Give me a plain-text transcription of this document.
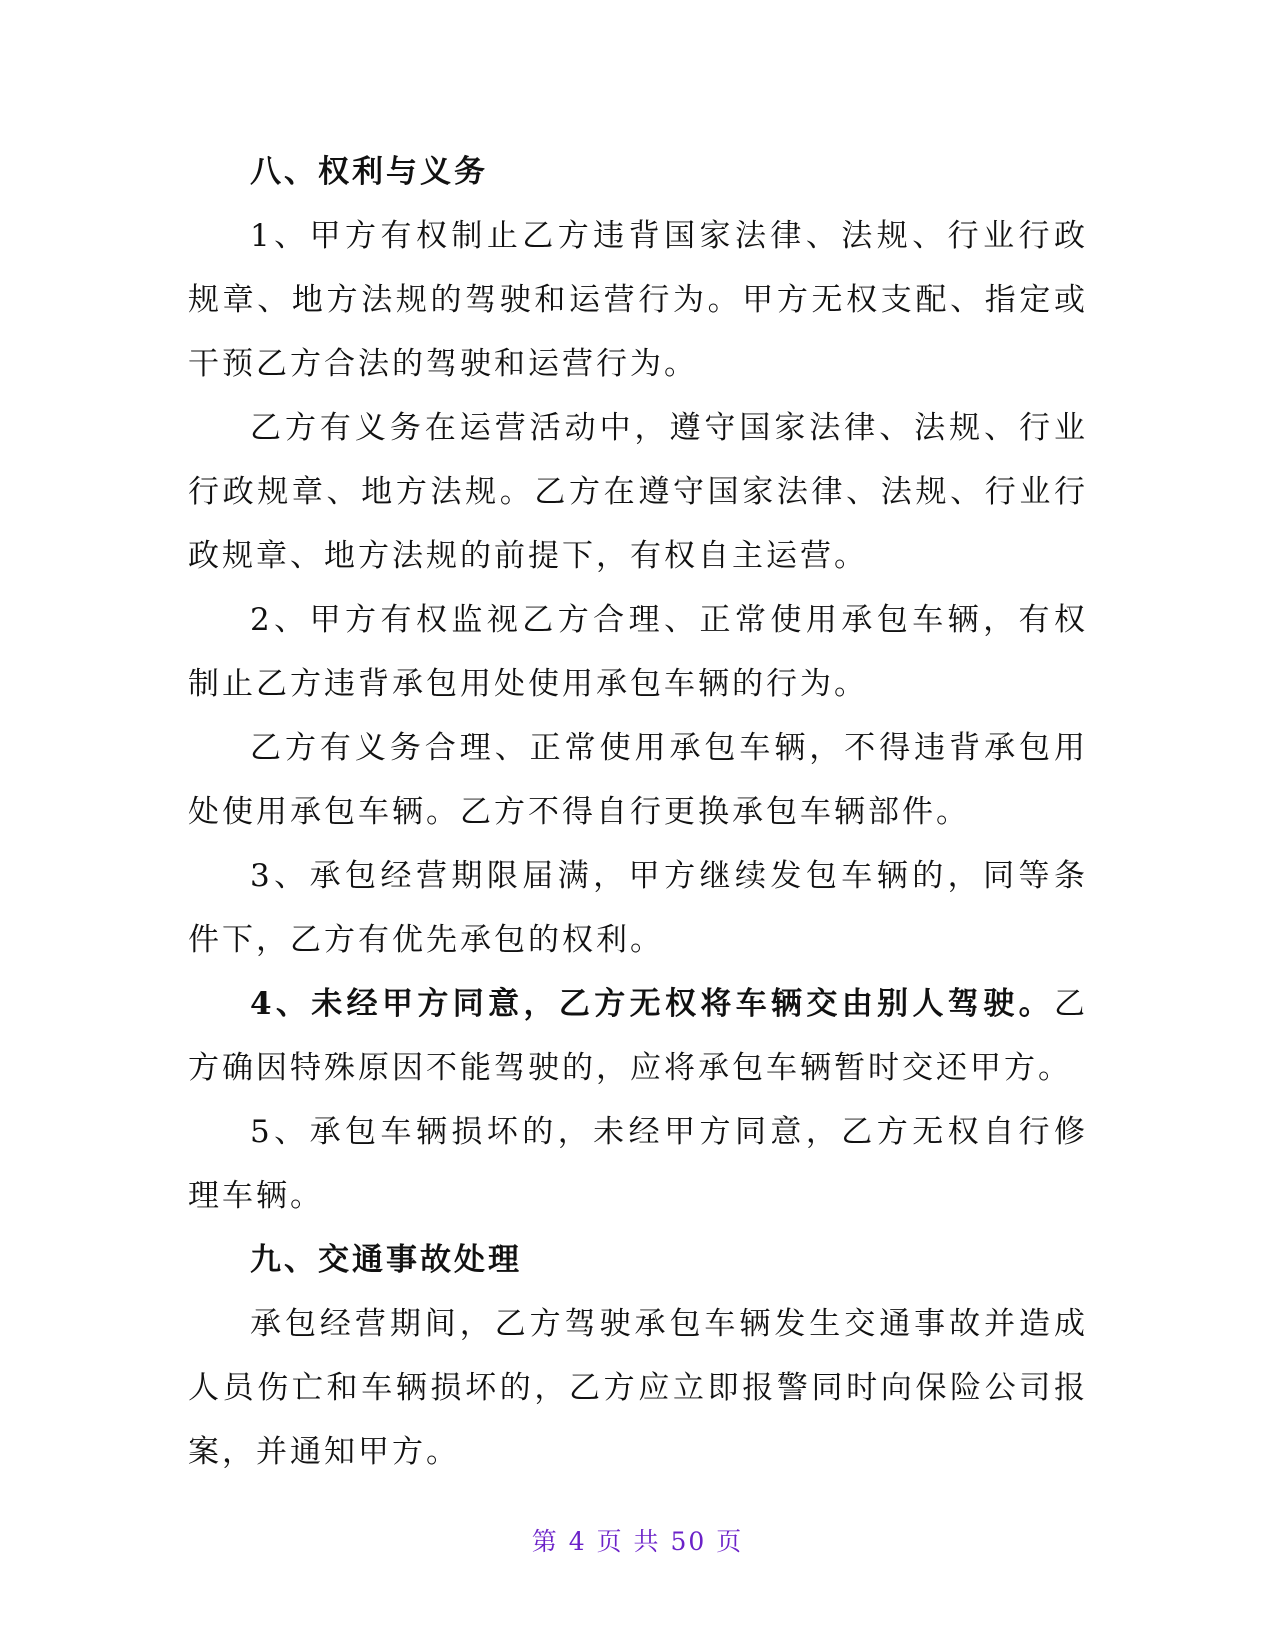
八、权利与义务

1、甲方有权制止乙方违背国家法律、法规、行业行政规章、地方法规的驾驶和运营行为。甲方无权支配、指定或干预乙方合法的驾驶和运营行为。

乙方有义务在运营活动中，遵守国家法律、法规、行业行政规章、地方法规。乙方在遵守国家法律、法规、行业行政规章、地方法规的前提下，有权自主运营。

2、甲方有权监视乙方合理、正常使用承包车辆，有权制止乙方违背承包用处使用承包车辆的行为。

乙方有义务合理、正常使用承包车辆，不得违背承包用处使用承包车辆。乙方不得自行更换承包车辆部件。

3、承包经营期限届满，甲方继续发包车辆的，同等条件下，乙方有优先承包的权利。

4、未经甲方同意，乙方无权将车辆交由别人驾驶。乙方确因特殊原因不能驾驶的，应将承包车辆暂时交还甲方。

5、承包车辆损坏的，未经甲方同意，乙方无权自行修理车辆。

九、交通事故处理

承包经营期间，乙方驾驶承包车辆发生交通事故并造成人员伤亡和车辆损坏的，乙方应立即报警同时向保险公司报案，并通知甲方。

第 4 页 共 50 页
